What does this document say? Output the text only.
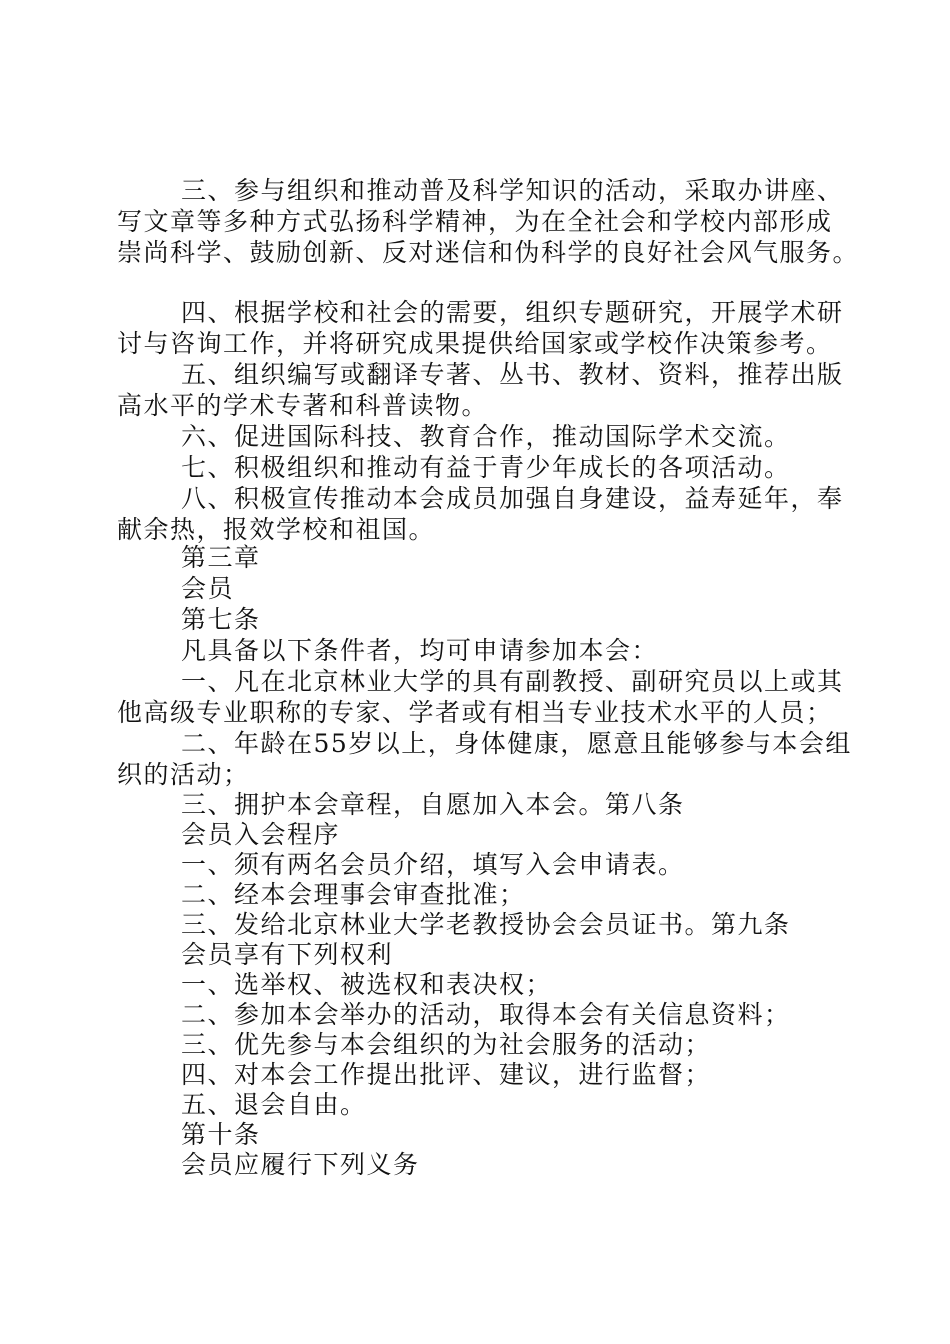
三、参与组织和推动普及科学知识的活动，采取办讲座、
写文章等多种方式弘扬科学精神，为在全社会和学校内部形成
崇尚科学、鼓励创新、反对迷信和伪科学的良好社会风气服务。
四、根据学校和社会的需要，组织专题研究，开展学术研
讨与咨询工作，并将研究成果提供给国家或学校作决策参考。
五、组织编写或翻译专著、丛书、教材、资料，推荐出版
高水平的学术专著和科普读物。
六、促进国际科技、教育合作，推动国际学术交流。
七、积极组织和推动有益于青少年成长的各项活动。
八、积极宣传推动本会成员加强自身建设，益寿延年，奉
献余热，报效学校和祖国。
第三章
会员
第七条
凡具备以下条件者，均可申请参加本会：
一、凡在北京林业大学的具有副教授、副研究员以上或其
他高级专业职称的专家、学者或有相当专业技术水平的人员；
二、年龄在55岁以上，身体健康，愿意且能够参与本会组
织的活动；
三、拥护本会章程，自愿加入本会。第八条
会员入会程序
一、须有两名会员介绍，填写入会申请表。
二、经本会理事会审查批准；
三、发给北京林业大学老教授协会会员证书。第九条
会员享有下列权利
一、选举权、被选权和表决权；
二、参加本会举办的活动，取得本会有关信息资料；
三、优先参与本会组织的为社会服务的活动；
四、对本会工作提出批评、建议，进行监督；
五、退会自由。
第十条
会员应履行下列义务
